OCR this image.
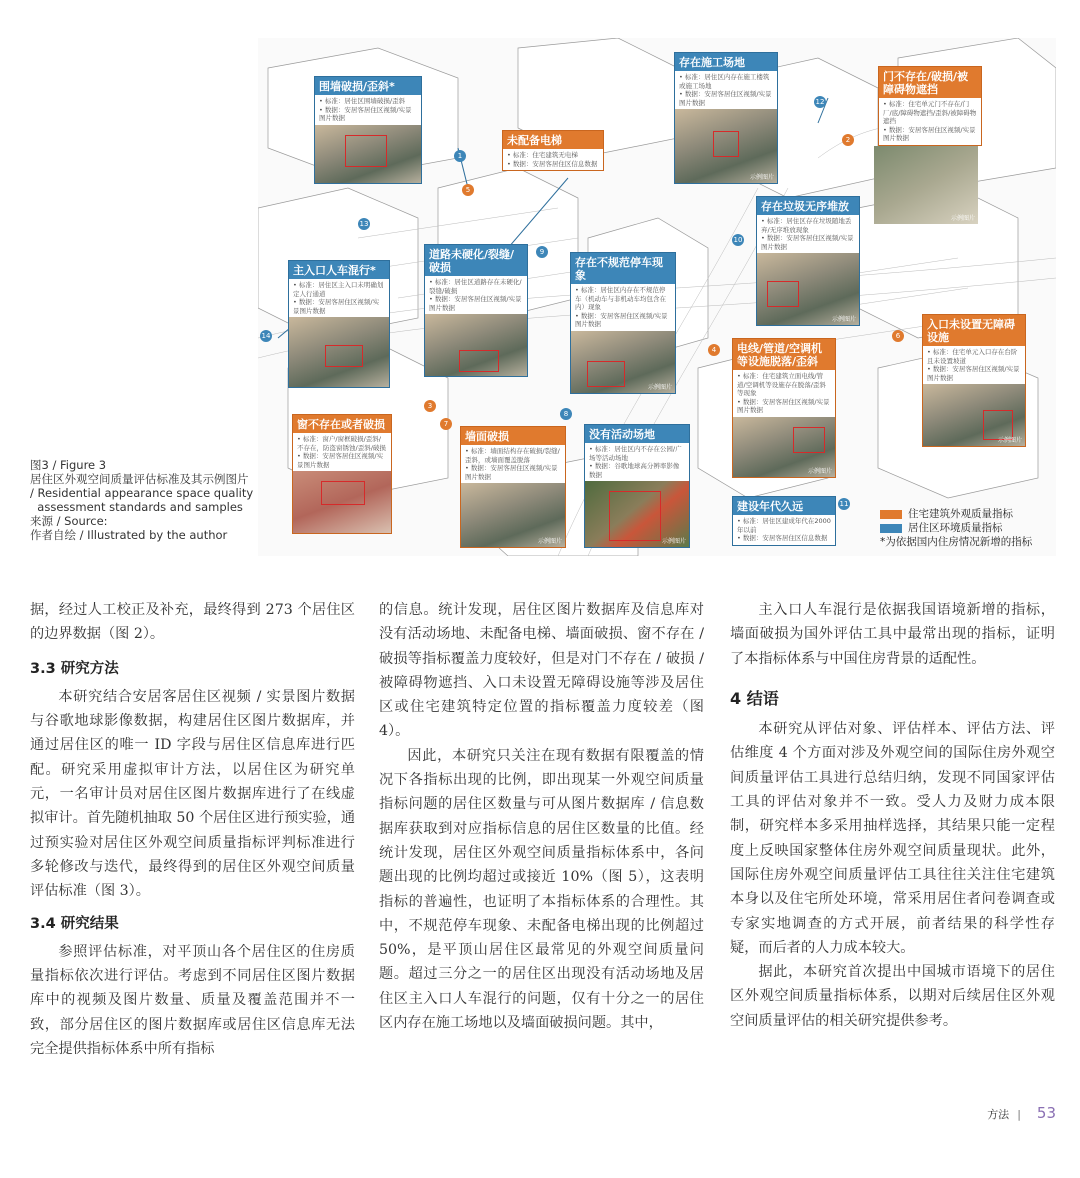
围墙破损/歪斜*
• 标准：居住区围墙破损/歪斜
• 数据：安居客居住区视频/实景图片数据
未配备电梯
• 标准：住宅建筑无电梯
• 数据：安居客居住区信息数据
存在施工场地
• 标准：居住区内存在施工楼筑或施工场地
• 数据：安居客居住区视频/实景图片数据
示例图片
门不存在/破损/被障碍物遮挡
• 标准：住宅单元门不存在/门厂/底/障碍物遮挡/歪斜/被障碍物遮挡
• 数据：安居客居住区视频/实景图片数据
示例图片
存在垃圾无序堆放
• 标准：居住区存在垃圾随地丢弃/无序堆放现象
• 数据：安居客居住区视频/实景图片数据
示例图片
主入口人车混行*
• 标准：居住区主入口未明确划定人行通道
• 数据：安居客居住区视频/实景图片数据
道路未硬化/裂缝/破损
• 标准：居住区道路存在未硬化/裂缝/破损
• 数据：安居客居住区视频/实景图片数据
存在不规范停车现象
• 标准：居住区内存在不规范停车（机动车与非机动车均包含在内）现象
• 数据：安居客居住区视频/实景图片数据
示例图片
电线/管道/空调机等设施脱落/歪斜
• 标准：住宅建筑立面电线/管道/空调机等设施存在脱落/歪斜等现象
• 数据：安居客居住区视频/实景图片数据
示例图片
入口未设置无障碍设施
• 标准：住宅单元入口存在台阶且未设置坡道
• 数据：安居客居住区视频/实景图片数据
示例图片
窗不存在或者破损
• 标准：窗户/窗框破损/歪斜/不存在，防盗窗锈蚀/歪斜/破损
• 数据：安居客居住区视频/实景图片数据
墙面破损
• 标准：墙面结构存在破损/裂缝/歪斜，或墙面覆盖脱落
• 数据：安居客居住区视频/实景图片数据
示例图片
没有活动场地
• 标准：居住区内不存在公园/广场等活动场地
• 数据：谷歌地球高分辨率影像数据
示例图片
建设年代久远
• 标准：居住区建成年代在2000年以前
• 数据：安居客居住区信息数据
1
2
3
4
5
6
7
8
9
10
11
12
13
14
住宅建筑外观质量指标
居住区环境质量指标
*为依据国内住房情况新增的指标
图3 / Figure 3
居住区外观空间质量评估标准及其示例图片
/ Residential appearance space quality
assessment standards and samples
来源 / Source:
作者自绘 / Illustrated by the author

据，经过人工校正及补充，最终得到 273 个居住区的边界数据（图 2）。

3.3 研究方法

本研究结合安居客居住区视频 / 实景图片数据与谷歌地球影像数据，构建居住区图片数据库，并通过居住区的唯一 ID 字段与居住区信息库进行匹配。研究采用虚拟审计方法，以居住区为研究单元，一名审计员对居住区图片数据库进行了在线虚拟审计。首先随机抽取 50 个居住区进行预实验，通过预实验对居住区外观空间质量指标评判标准进行多轮修改与迭代，最终得到的居住区外观空间质量评估标准（图 3）。

3.4 研究结果

参照评估标准，对平顶山各个居住区的住房质量指标依次进行评估。考虑到不同居住区图片数据库中的视频及图片数量、质量及覆盖范围并不一致，部分居住区的图片数据库或居住区信息库无法完全提供指标体系中所有指标

的信息。统计发现，居住区图片数据库及信息库对没有活动场地、未配备电梯、墙面破损、窗不存在 / 破损等指标覆盖力度较好，但是对门不存在 / 破损 / 被障碍物遮挡、入口未设置无障碍设施等涉及居住区或住宅建筑特定位置的指标覆盖力度较差（图 4）。

因此，本研究只关注在现有数据有限覆盖的情况下各指标出现的比例，即出现某一外观空间质量指标问题的居住区数量与可从图片数据库 / 信息数据库获取到对应指标信息的居住区数量的比值。经统计发现，居住区外观空间质量指标体系中，各问题出现的比例均超过或接近 10%（图 5），这表明指标的普遍性，也证明了本指标体系的合理性。其中，不规范停车现象、未配备电梯出现的比例超过 50%，是平顶山居住区最常见的外观空间质量问题。超过三分之一的居住区出现没有活动场地及居住区主入口人车混行的问题，仅有十分之一的居住区内存在施工场地以及墙面破损问题。其中，

主入口人车混行是依据我国语境新增的指标，墙面破损为国外评估工具中最常出现的指标，证明了本指标体系与中国住房背景的适配性。

4 结语

本研究从评估对象、评估样本、评估方法、评估维度 4 个方面对涉及外观空间的国际住房外观空间质量评估工具进行总结归纳，发现不同国家评估工具的评估对象并不一致。受人力及财力成本限制，研究样本多采用抽样选择，其结果只能一定程度上反映国家整体住房外观空间质量现状。此外，国际住房外观空间质量评估工具往往关注住宅建筑本身以及住宅所处环境，常采用居住者问卷调查或专家实地调查的方式开展，前者结果的科学性存疑，而后者的人力成本较大。

据此，本研究首次提出中国城市语境下的居住区外观空间质量指标体系，以期对后续居住区外观空间质量评估的相关研究提供参考。

方法 | 53
